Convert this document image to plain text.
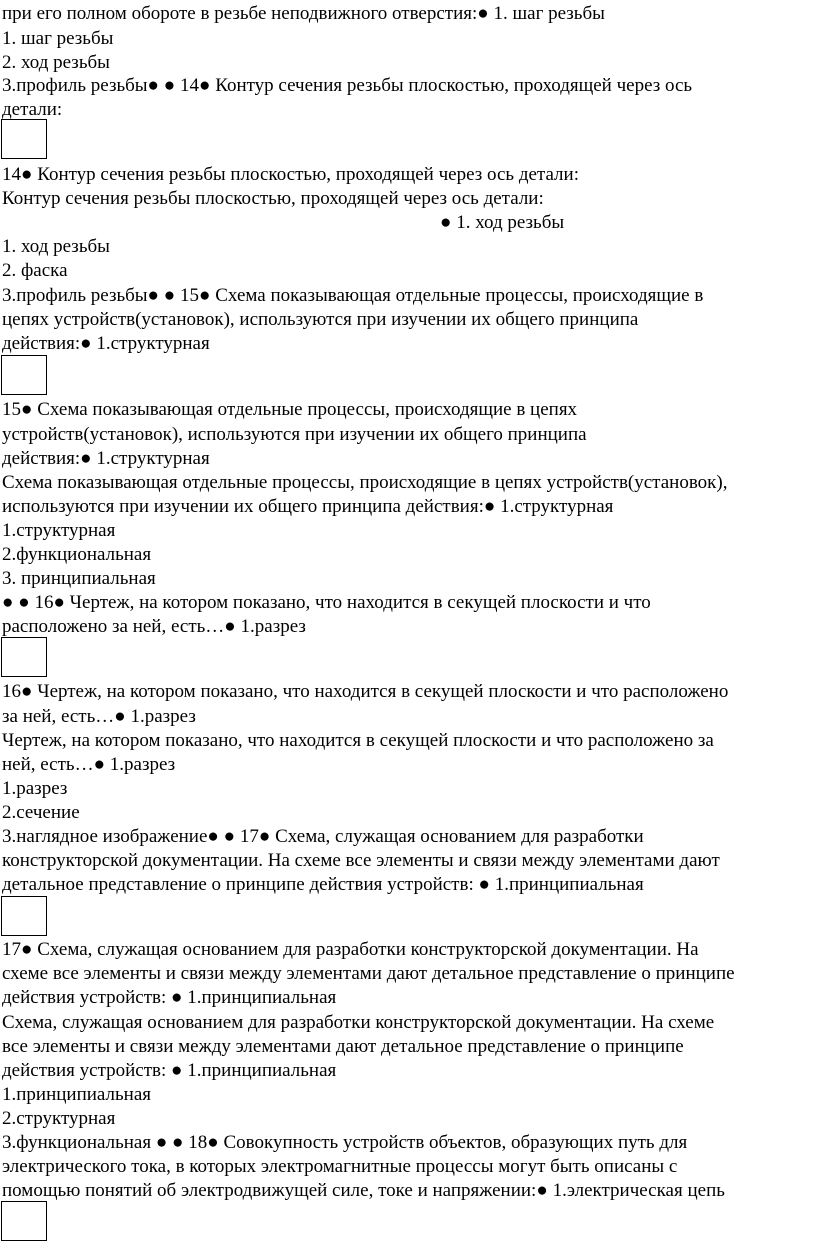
при его полном обороте в резьбе неподвижного отверстия:● 1. шаг резьбы
1. шаг резьбы
2. ход резьбы
3.профиль резьбы● ● 14● Контур сечения резьбы плоскостью, проходящей через ось
детали:
14● Контур сечения резьбы плоскостью, проходящей через ось детали:
Контур сечения резьбы плоскостью, проходящей через ось детали:
● 1. ход резьбы
1. ход резьбы
2. фаска
3.профиль резьбы● ● 15● Схема показывающая отдельные процессы, происходящие в
цепях устройств(установок), используются при изучении их общего принципа
действия:● 1.структурная
15● Схема показывающая отдельные процессы, происходящие в цепях
устройств(установок), используются при изучении их общего принципа
действия:● 1.структурная
Схема показывающая отдельные процессы, происходящие в цепях устройств(установок),
используются при изучении их общего принципа действия:● 1.структурная
1.структурная
2.функциональная
3. принципиальная
● ● 16● Чертеж, на котором показано, что находится в секущей плоскости и что
расположено за ней, есть…● 1.разрез
16● Чертеж, на котором показано, что находится в секущей плоскости и что расположено
за ней, есть…● 1.разрез
Чертеж, на котором показано, что находится в секущей плоскости и что расположено за
ней, есть…● 1.разрез
1.разрез
2.сечение
3.наглядное изображение● ● 17● Схема, служащая основанием для разработки
конструкторской документации. На схеме все элементы и связи между элементами дают
детальное представление о принципе действия устройств: ● 1.принципиальная
17● Схема, служащая основанием для разработки конструкторской документации. На
схеме все элементы и связи между элементами дают детальное представление о принципе
действия устройств: ● 1.принципиальная
Схема, служащая основанием для разработки конструкторской документации. На схеме
все элементы и связи между элементами дают детальное представление о принципе
действия устройств: ● 1.принципиальная
1.принципиальная
2.структурная
3.функциональная ● ● 18● Совокупность устройств объектов, образующих путь для
электрического тока, в которых электромагнитные процессы могут быть описаны с
помощью понятий об электродвижущей силе, токе и напряжении:● 1.электрическая цепь
